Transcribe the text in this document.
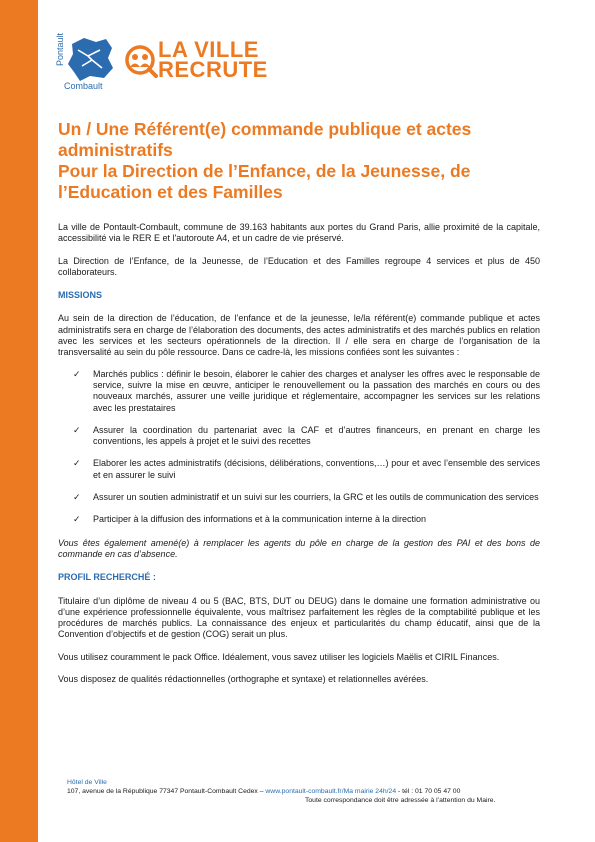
Pontault
Combault
LA VILLE
RECRUTE
Un / Une Référent(e) commande publique et actes
administratifs
Pour la Direction de l’Enfance, de la Jeunesse, de
l’Education et des Familles

La ville de Pontault-Combault, commune de 39.163 habitants aux portes du Grand Paris, allie proximité de la capitale, accessibilité via le RER E et l'autoroute A4, et un cadre de vie préservé.

La Direction de l’Enfance, de la Jeunesse, de l’Education et des Familles regroupe 4 services et plus de 450 collaborateurs.

MISSIONS

Au sein de la direction de l’éducation, de l’enfance et de la jeunesse, le/la référent(e) commande publique et actes administratifs sera en charge de l’élaboration des documents, des actes administratifs et des marchés publics en relation avec les services et les secteurs opérationnels de la direction. Il / elle sera en charge de l’organisation de la transversalité au sein du pôle ressource. Dans ce cadre-là, les missions confiées sont les suivantes :

✓ Marchés publics : définir le besoin, élaborer le cahier des charges et analyser les offres avec le responsable de service, suivre la mise en œuvre, anticiper le renouvellement ou la passation des marchés en cours ou des nouveaux marchés, assurer une veille juridique et réglementaire, accompagner les services sur les relations avec les prestataires
✓ Assurer la coordination du partenariat avec la CAF et d’autres financeurs, en prenant en charge les conventions, les appels à projet et le suivi des recettes
✓ Elaborer les actes administratifs (décisions, délibérations, conventions,…) pour et avec l’ensemble des services et en assurer le suivi
✓ Assurer un soutien administratif et un suivi sur les courriers, la GRC et les outils de communication des services
✓ Participer à la diffusion des informations et à la communication interne à la direction

Vous êtes également amené(e) à remplacer les agents du pôle en charge de la gestion des PAI et des bons de commande en cas d’absence.

PROFIL RECHERCHÉ :

Titulaire d’un diplôme de niveau 4 ou 5 (BAC, BTS, DUT ou DEUG) dans le domaine une formation administrative ou d’une expérience professionnelle équivalente, vous maîtrisez parfaitement les règles de la comptabilité publique et les procédures de marchés publics. La connaissance des enjeux et particularités du champ éducatif, ainsi que de la Convention d’objectifs et de gestion (COG) serait un plus.

Vous utilisez couramment le pack Office. Idéalement, vous savez utiliser les logiciels Maëlis et CIRIL Finances.

Vous disposez de qualités rédactionnelles (orthographe et syntaxe) et relationnelles avérées.

Hôtel de Ville
107, avenue de la République 77347 Pontault-Combault Cedex – www.pontault-combault.fr/Ma mairie 24h/24 - tél : 01 70 05 47 00
Toute correspondance doit être adressée à l’attention du Maire.
